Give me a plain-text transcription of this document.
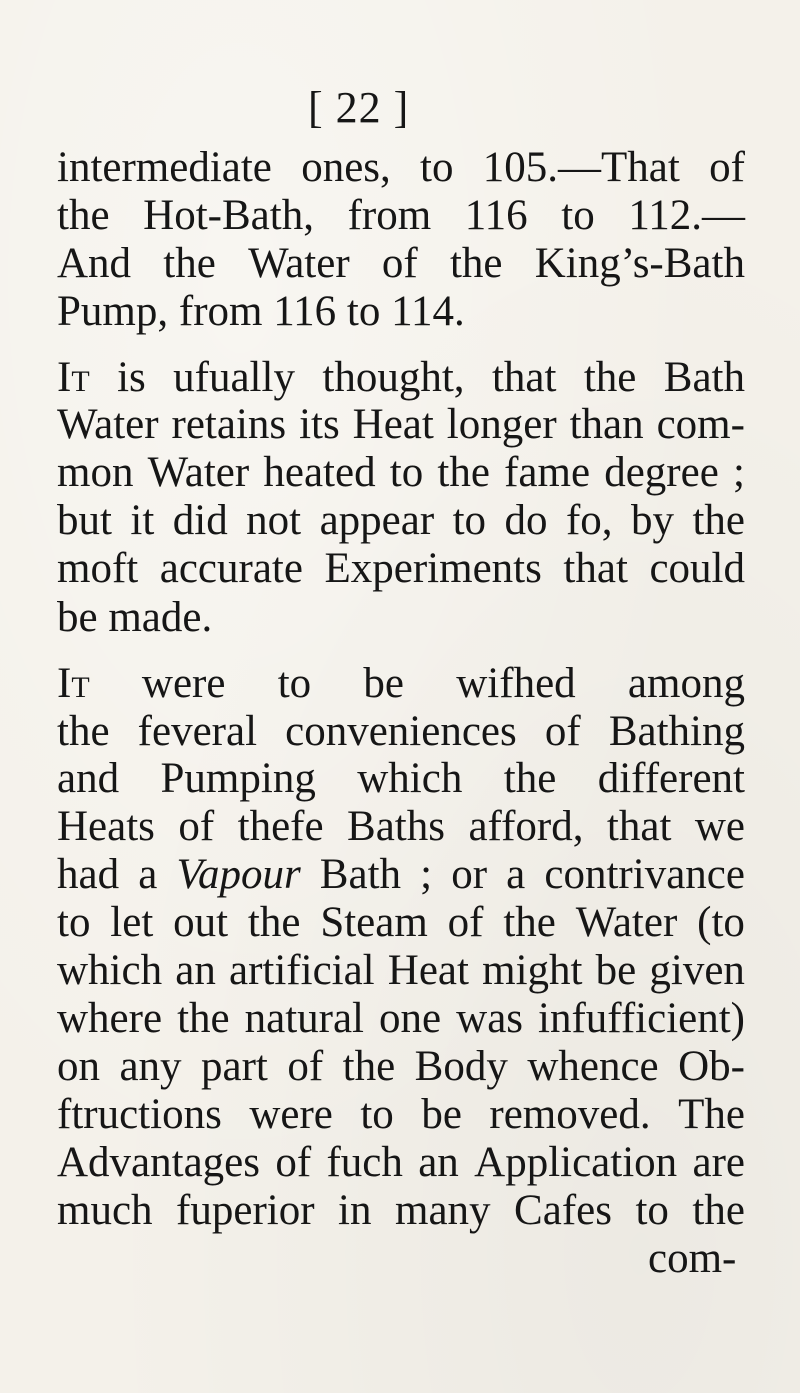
[ 22 ]
intermediate ones, to 105.—That of
the Hot-Bath, from 116 to 112.—
And the Water of the King’s-Bath
Pump, from 116 to 114.
It is ufually thought, that the Bath
Water retains its Heat longer than com-
mon Water heated to the fame degree ;
but it did not appear to do fo, by the
moft accurate Experiments that could
be made.
It were to be wifhed among
the feveral conveniences of Bathing
and Pumping which the different
Heats of thefe Baths afford, that we
had a Vapour Bath ; or a contrivance
to let out the Steam of the Water (to
which an artificial Heat might be given
where the natural one was infufficient)
on any part of the Body whence Ob-
ftructions were to be removed. The
Advantages of fuch an Application are
much fuperior in many Cafes to the
com-
